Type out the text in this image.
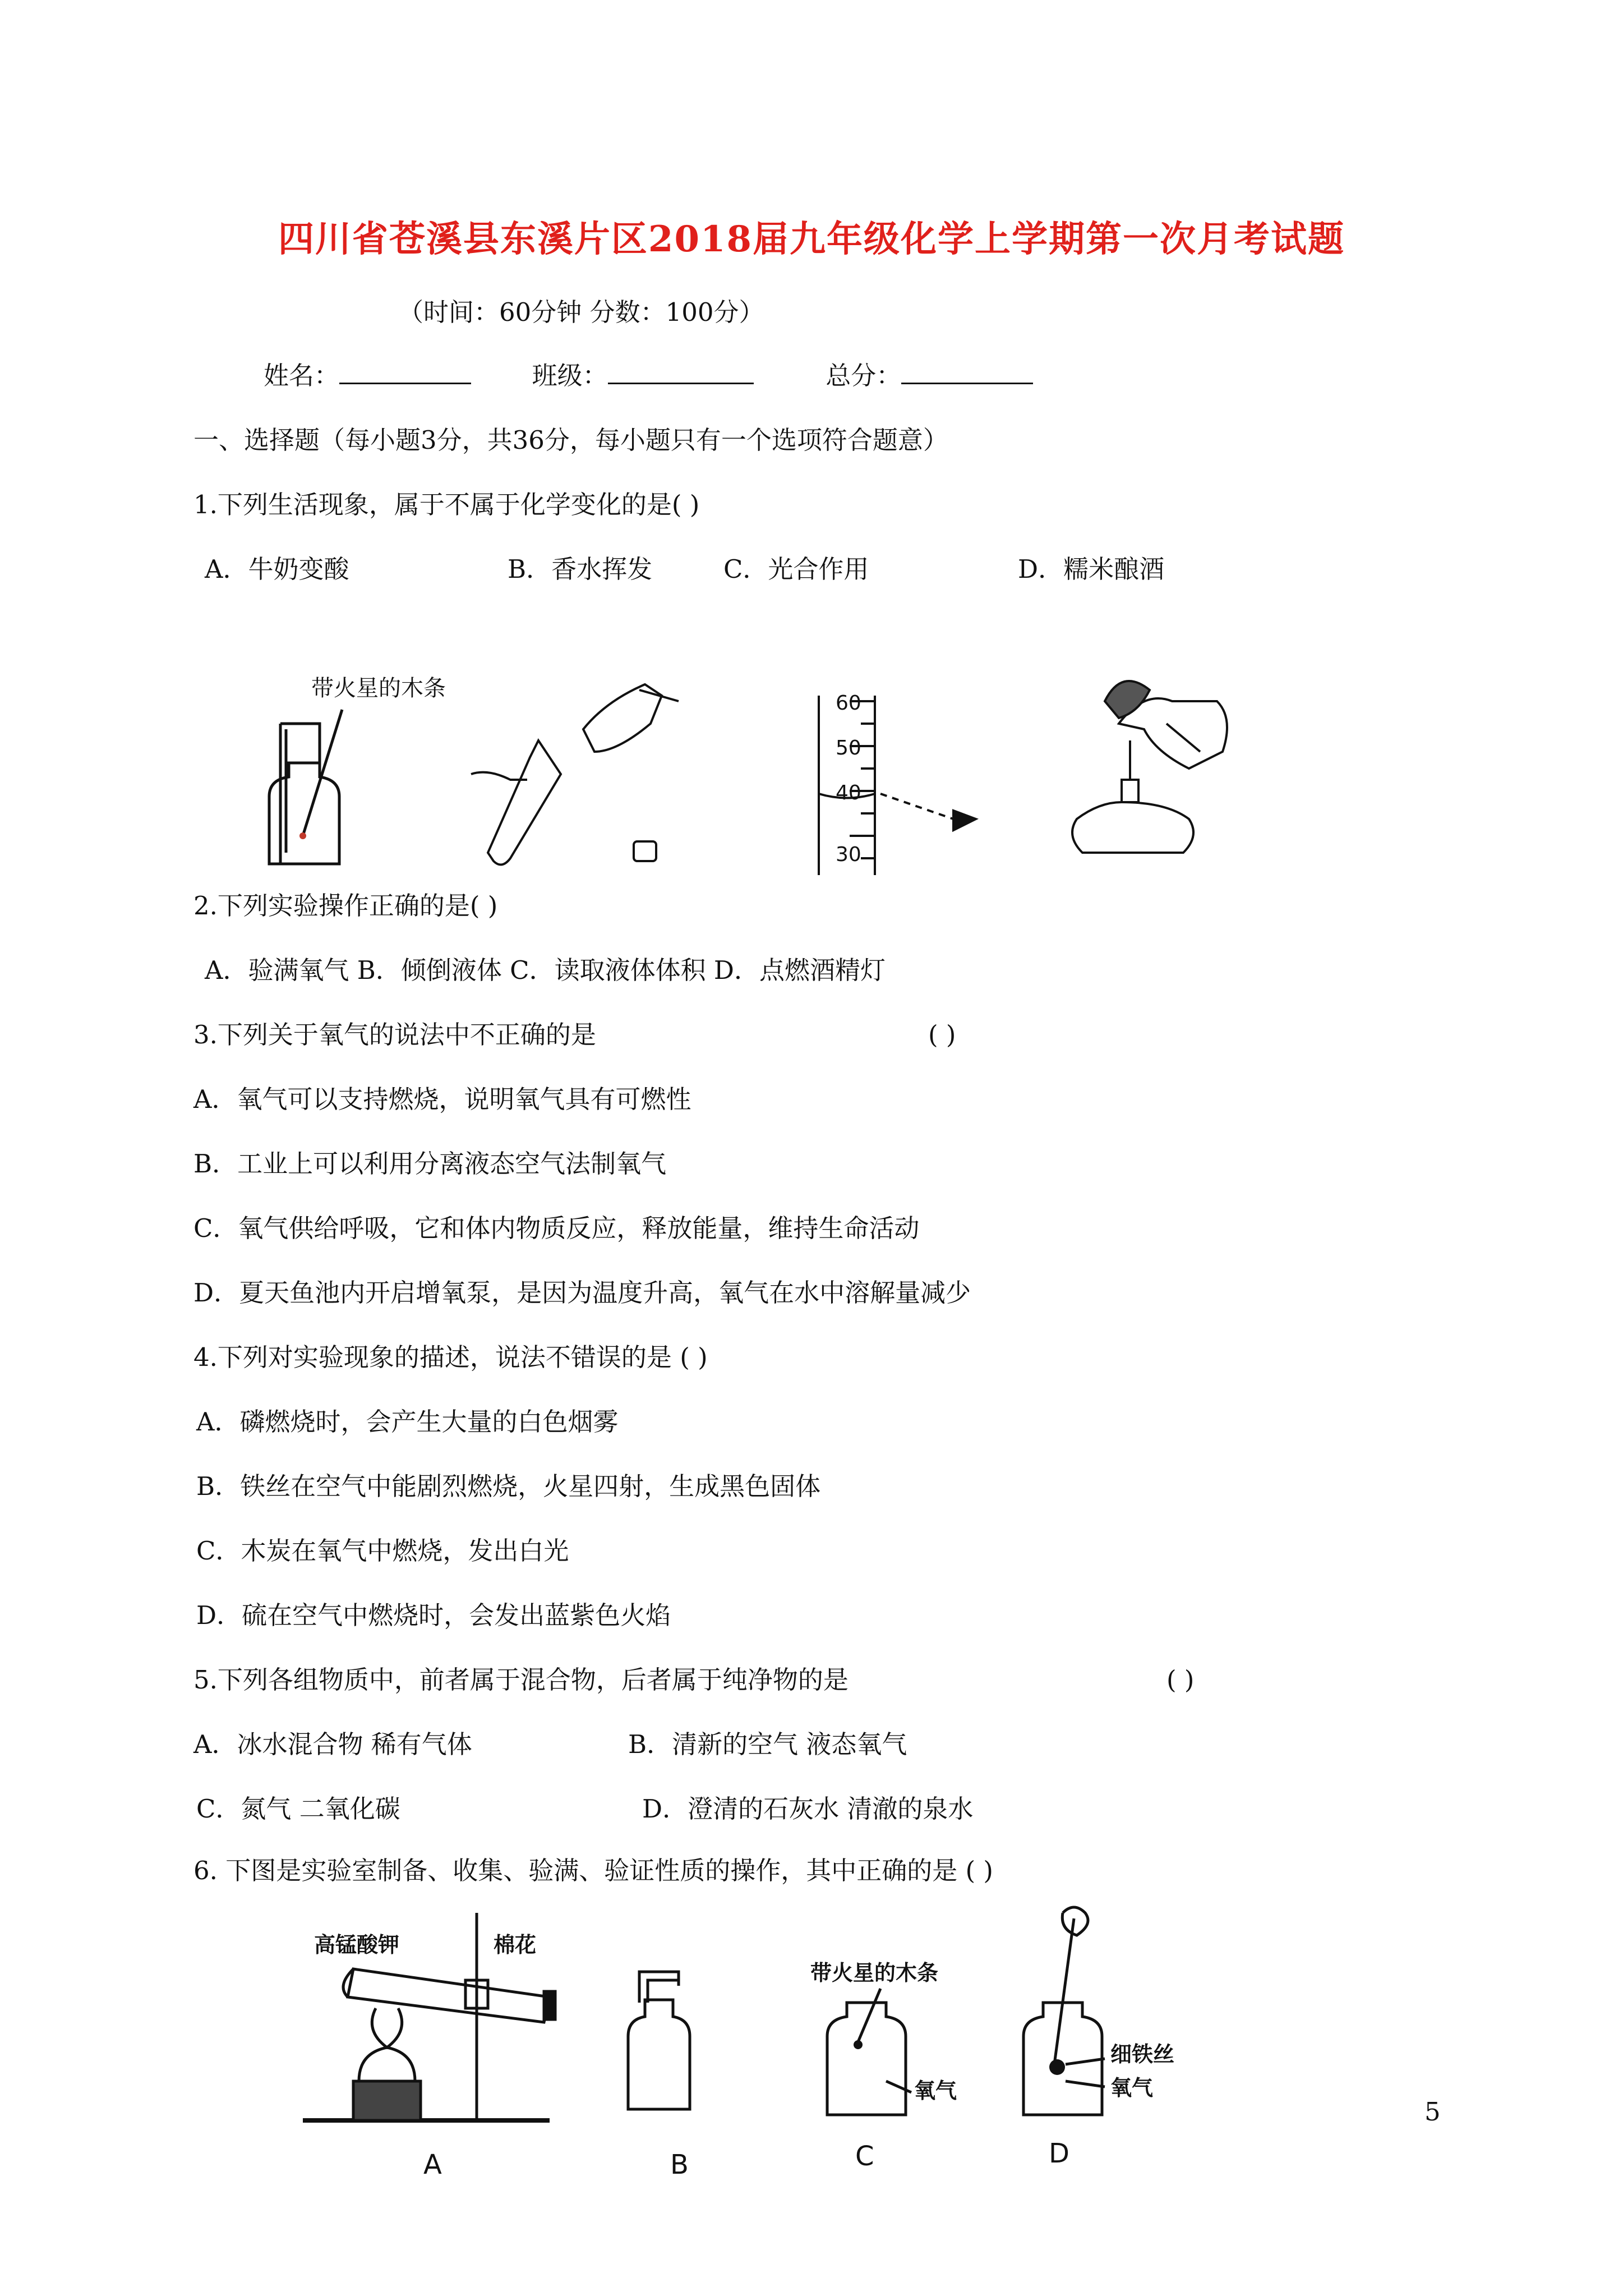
四川省苍溪县东溪片区2018届九年级化学上学期第一次月考试题
（时间：60分钟 分数：100分）
姓名：	班级：	总分：
一、选择题（每小题3分，共36分，每小题只有一个选项符合题意）
1.下列生活现象，属于不属于化学变化的是( )
A．牛奶变酸	B．香水挥发	C．光合作用	D．糯米酿酒
带火星的木条
60
50
40
30
2.下列实验操作正确的是( )
A．验满氧气 B．倾倒液体 C．读取液体体积 D．点燃酒精灯
3.下列关于氧气的说法中不正确的是	( )
A．氧气可以支持燃烧，说明氧气具有可燃性
B．工业上可以利用分离液态空气法制氧气
C．氧气供给呼吸，它和体内物质反应，释放能量，维持生命活动
D．夏天鱼池内开启增氧泵，是因为温度升高，氧气在水中溶解量减少
4.下列对实验现象的描述，说法不错误的是 ( )
A．磷燃烧时，会产生大量的白色烟雾
B．铁丝在空气中能剧烈燃烧，火星四射，生成黑色固体
C．木炭在氧气中燃烧，发出白光
D．硫在空气中燃烧时，会发出蓝紫色火焰
5.下列各组物质中，前者属于混合物，后者属于纯净物的是	( )
A．冰水混合物 稀有气体	B．清新的空气 液态氧气
C．氮气 二氧化碳	D．澄清的石灰水 清澈的泉水
6. 下图是实验室制备、收集、验满、验证性质的操作，其中正确的是 ( )
高锰酸钾	棉花
B
A
带火星的木条
氧气
C
细铁丝
氧气
D
5
